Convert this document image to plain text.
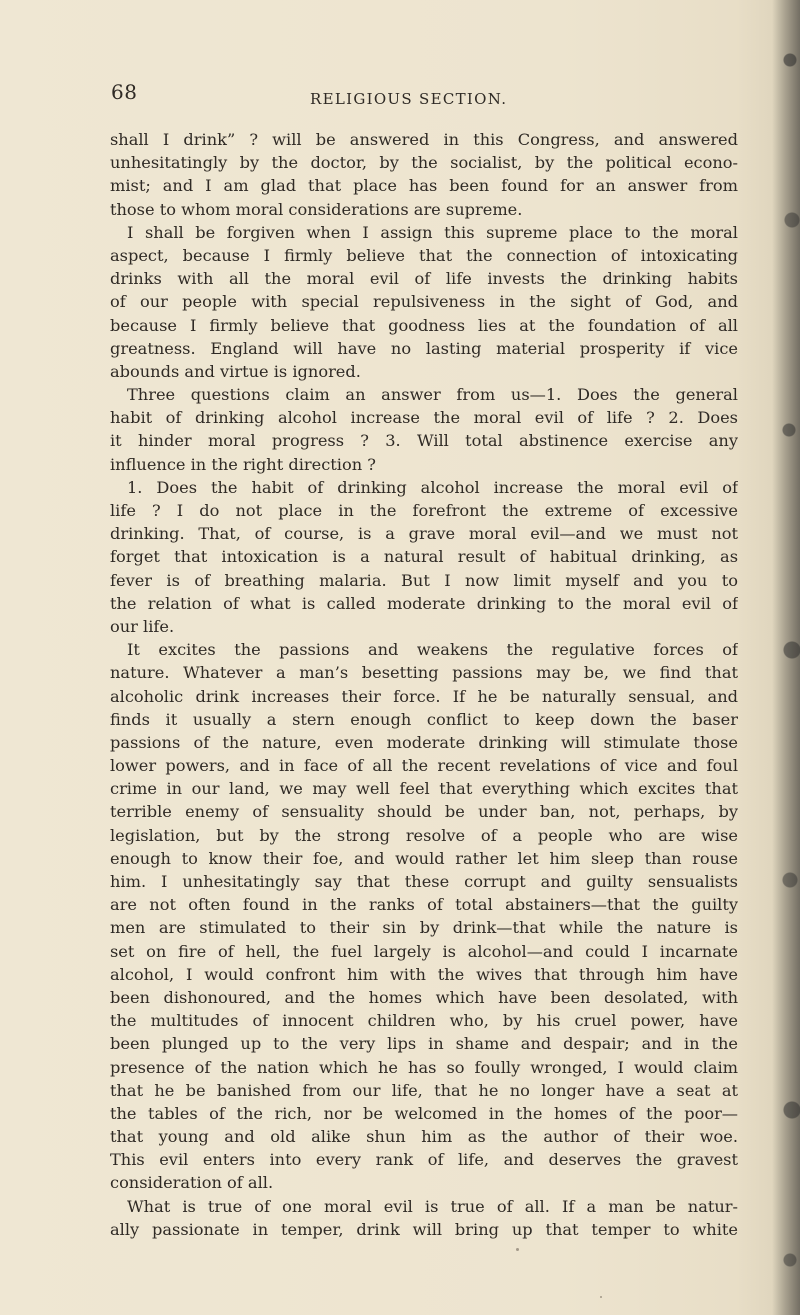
68	RELIGIOUS SECTION.
shall I drink” ? will be answered in this Congress, and answered
unhesitatingly by the doctor, by the socialist, by the political econo-
mist; and I am glad that place has been found for an answer from
those to whom moral considerations are supreme.
I shall be forgiven when I assign this supreme place to the moral
aspect, because I firmly believe that the connection of intoxicating
drinks with all the moral evil of life invests the drinking habits
of our people with special repulsiveness in the sight of God, and
because I firmly believe that goodness lies at the foundation of all
greatness. England will have no lasting material prosperity if vice
abounds and virtue is ignored.
Three questions claim an answer from us—1. Does the general
habit of drinking alcohol increase the moral evil of life ? 2. Does
it hinder moral progress ? 3. Will total abstinence exercise any
influence in the right direction ?
1. Does the habit of drinking alcohol increase the moral evil of
life ? I do not place in the forefront the extreme of excessive
drinking. That, of course, is a grave moral evil—and we must not
forget that intoxication is a natural result of habitual drinking, as
fever is of breathing malaria. But I now limit myself and you to
the relation of what is called moderate drinking to the moral evil of
our life.
It excites the passions and weakens the regulative forces of
nature. Whatever a man’s besetting passions may be, we find that
alcoholic drink increases their force. If he be naturally sensual, and
finds it usually a stern enough conflict to keep down the baser
passions of the nature, even moderate drinking will stimulate those
lower powers, and in face of all the recent revelations of vice and foul
crime in our land, we may well feel that everything which excites that
terrible enemy of sensuality should be under ban, not, perhaps, by
legislation, but by the strong resolve of a people who are wise
enough to know their foe, and would rather let him sleep than rouse
him. I unhesitatingly say that these corrupt and guilty sensualists
are not often found in the ranks of total abstainers—that the guilty
men are stimulated to their sin by drink—that while the nature is
set on fire of hell, the fuel largely is alcohol—and could I incarnate
alcohol, I would confront him with the wives that through him have
been dishonoured, and the homes which have been desolated, with
the multitudes of innocent children who, by his cruel power, have
been plunged up to the very lips in shame and despair; and in the
presence of the nation which he has so foully wronged, I would claim
that he be banished from our life, that he no longer have a seat at
the tables of the rich, nor be welcomed in the homes of the poor—
that young and old alike shun him as the author of their woe.
This evil enters into every rank of life, and deserves the gravest
consideration of all.
What is true of one moral evil is true of all. If a man be natur-
ally passionate in temper, drink will bring up that temper to white
